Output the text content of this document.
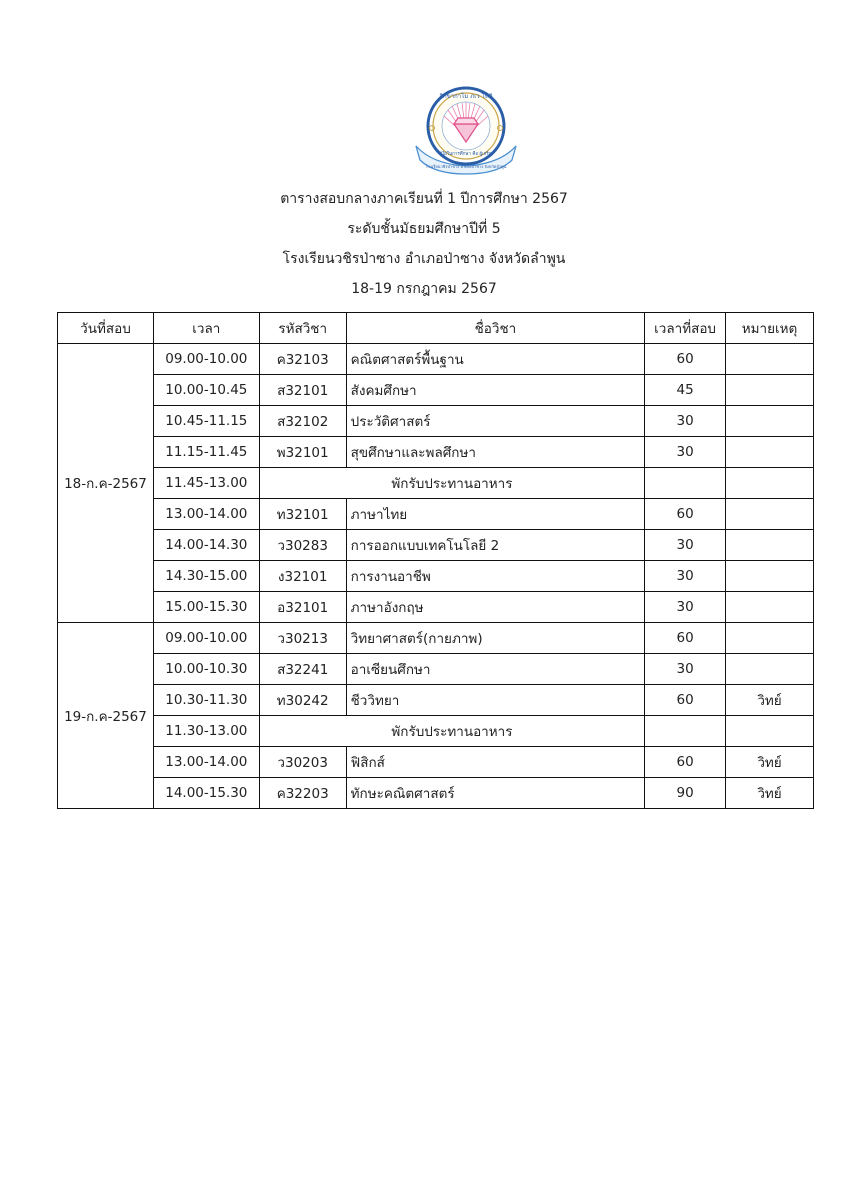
สิกขากาโม ภเว โหติ
โรงเรียนวชิรป่าซาง อำเภอป่าซาง จังหวัดลำพูน
ผู้ใฝ่ในการศึกษา คือ ผู้เจริญ
ตารางสอบกลางภาคเรียนที่ 1 ปีการศึกษา 2567
ระดับชั้นมัธยมศึกษาปีที่ 5
โรงเรียนวชิรป่าซาง อำเภอป่าซาง จังหวัดลำพูน
18-19 กรกฎาคม 2567
วันที่สอบ	เวลา	รหัสวิชา	ชื่อวิชา	เวลาที่สอบ	หมายเหตุ
18-ก.ค-2567	09.00-10.00	ค32103	คณิตศาสตร์พื้นฐาน	60	
	10.00-10.45	ส32101	สังคมศึกษา	45	
	10.45-11.15	ส32102	ประวัติศาสตร์	30	
	11.15-11.45	พ32101	สุขศึกษาและพลศึกษา	30	
	11.45-13.00	พักรับประทานอาหาร			
	13.00-14.00	ท32101	ภาษาไทย	60	
	14.00-14.30	ว30283	การออกแบบเทคโนโลยี 2	30	
	14.30-15.00	ง32101	การงานอาชีพ	30	
	15.00-15.30	อ32101	ภาษาอังกฤษ	30	
19-ก.ค-2567	09.00-10.00	ว30213	วิทยาศาสตร์(กายภาพ)	60	
	10.00-10.30	ส32241	อาเซียนศึกษา	30	
	10.30-11.30	ท30242	ชีววิทยา	60	วิทย์
	11.30-13.00	พักรับประทานอาหาร			
	13.00-14.00	ว30203	ฟิสิกส์	60	วิทย์
	14.00-15.30	ค32203	ทักษะคณิตศาสตร์	90	วิทย์
